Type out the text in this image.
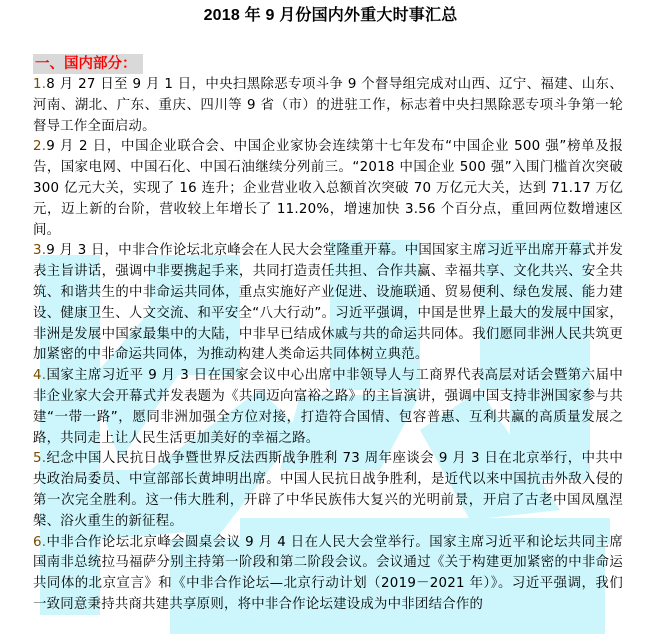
2018 年 9 月份国内外重大时事汇总
一、国内部分：
1.8 月 27 日至 9 月 1 日，中央扫黑除恶专项斗争 9 个督导组完成对山西、辽宁、福建、山东、河南、湖北、广东、重庆、四川等 9 省（市）的进驻工作，标志着中央扫黑除恶专项斗争第一轮督导工作全面启动。
2.9 月 2 日，中国企业联合会、中国企业家协会连续第十七年发布“中国企业 500 强”榜单及报告，国家电网、中国石化、中国石油继续分列前三。“2018 中国企业 500 强”入围门槛首次突破 300 亿元大关，实现了 16 连升；企业营业收入总额首次突破 70 万亿元大关，达到 71.17 万亿元，迈上新的台阶，营收较上年增长了 11.20%，增速加快 3.56 个百分点，重回两位数增速区间。
3.9 月 3 日，中非合作论坛北京峰会在人民大会堂隆重开幕。中国国家主席习近平出席开幕式并发表主旨讲话，强调中非要携起手来，共同打造责任共担、合作共赢、幸福共享、文化共兴、安全共筑、和谐共生的中非命运共同体，重点实施好产业促进、设施联通、贸易便利、绿色发展、能力建设、健康卫生、人文交流、和平安全“八大行动”。习近平强调，中国是世界上最大的发展中国家，非洲是发展中国家最集中的大陆，中非早已结成休戚与共的命运共同体。我们愿同非洲人民共筑更加紧密的中非命运共同体，为推动构建人类命运共同体树立典范。
4.国家主席习近平 9 月 3 日在国家会议中心出席中非领导人与工商界代表高层对话会暨第六届中非企业家大会开幕式并发表题为《共同迈向富裕之路》的主旨演讲，强调中国支持非洲国家参与共建“一带一路”，愿同非洲加强全方位对接，打造符合国情、包容普惠、互利共赢的高质量发展之路，共同走上让人民生活更加美好的幸福之路。
5.纪念中国人民抗日战争暨世界反法西斯战争胜利 73 周年座谈会 9 月 3 日在北京举行，中共中央政治局委员、中宣部部长黄坤明出席。中国人民抗日战争胜利，是近代以来中国抗击外敌入侵的第一次完全胜利。这一伟大胜利，开辟了中华民族伟大复兴的光明前景，开启了古老中国凤凰涅槃、浴火重生的新征程。
6.中非合作论坛北京峰会圆桌会议 9 月 4 日在人民大会堂举行。国家主席习近平和论坛共同主席国南非总统拉马福萨分别主持第一阶段和第二阶段会议。会议通过《关于构建更加紧密的中非命运共同体的北京宣言》和《中非合作论坛—北京行动计划（2019－2021 年）》。习近平强调，我们一致同意秉持共商共建共享原则，将中非合作论坛建设成为中非团结合作的
